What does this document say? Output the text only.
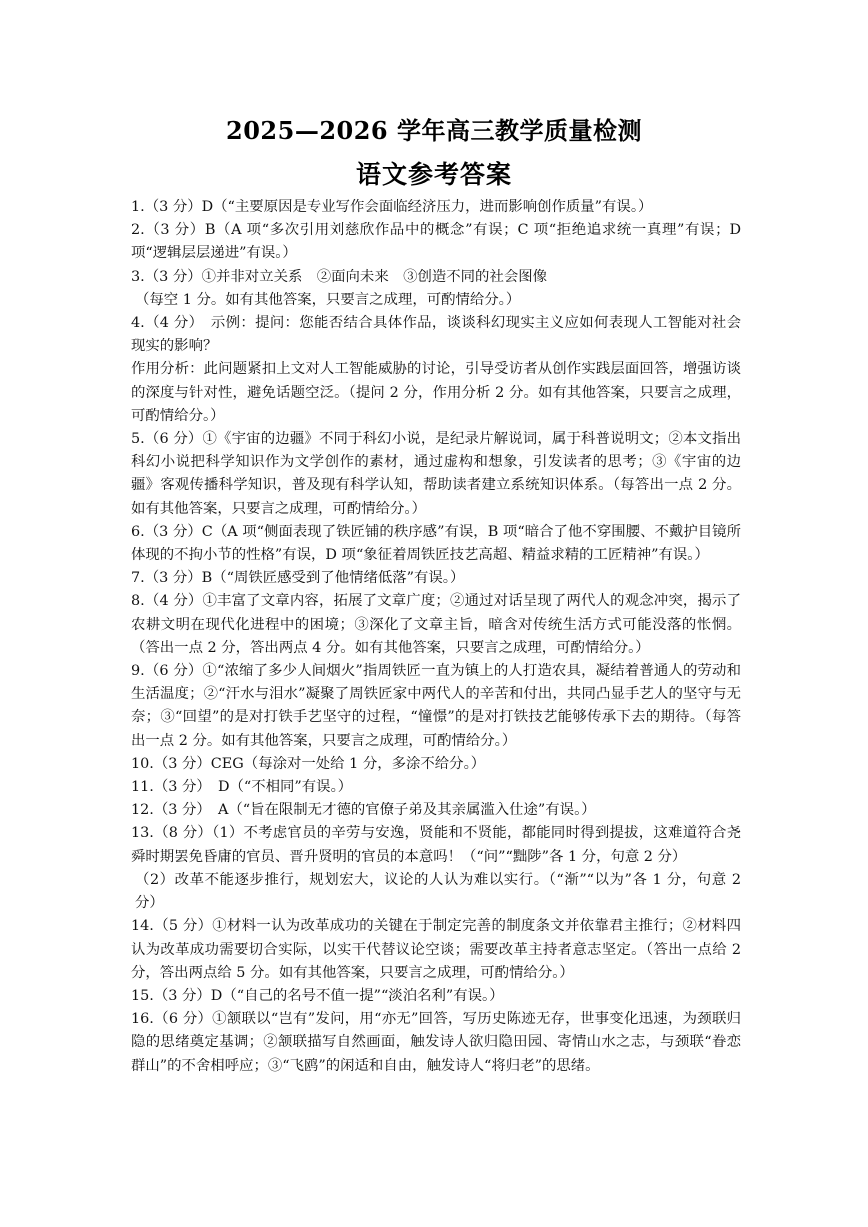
2025—2026 学年高三教学质量检测
语文参考答案

1.（3 分）D（“主要原因是专业写作会面临经济压力，进而影响创作质量”有误。）

2.（3 分）B（A 项“多次引用刘慈欣作品中的概念”有误；C 项“拒绝追求统一真理”有误；D 项“逻辑层层递进”有误。）

3.（3 分）①并非对立关系　②面向未来　③创造不同的社会图像

（每空 1 分。如有其他答案，只要言之成理，可酌情给分。）

4.（4 分）　示例：提问：您能否结合具体作品，谈谈科幻现实主义应如何表现人工智能对社会现实的影响？

作用分析：此问题紧扣上文对人工智能威胁的讨论，引导受访者从创作实践层面回答，增强访谈的深度与针对性，避免话题空泛。（提问 2 分，作用分析 2 分。如有其他答案，只要言之成理，可酌情给分。）

5.（6 分）①《宇宙的边疆》不同于科幻小说，是纪录片解说词，属于科普说明文；②本文指出科幻小说把科学知识作为文学创作的素材，通过虚构和想象，引发读者的思考；③《宇宙的边疆》客观传播科学知识，普及现有科学认知，帮助读者建立系统知识体系。（每答出一点 2 分。如有其他答案，只要言之成理，可酌情给分。）

6.（3 分）C（A 项“侧面表现了铁匠铺的秩序感”有误，B 项“暗合了他不穿围腰、不戴护目镜所体现的不拘小节的性格”有误，D 项“象征着周铁匠技艺高超、精益求精的工匠精神”有误。）

7.（3 分）B（“周铁匠感受到了他情绪低落”有误。）

8.（4 分）①丰富了文章内容，拓展了文章广度；②通过对话呈现了两代人的观念冲突，揭示了农耕文明在现代化进程中的困境；③深化了文章主旨，暗含对传统生活方式可能没落的怅惘。（答出一点 2 分，答出两点 4 分。如有其他答案，只要言之成理，可酌情给分。）

9.（6 分）①“浓缩了多少人间烟火”指周铁匠一直为镇上的人打造农具，凝结着普通人的劳动和生活温度；②“汗水与泪水”凝聚了周铁匠家中两代人的辛苦和付出，共同凸显手艺人的坚守与无奈；③“回望”的是对打铁手艺坚守的过程，“憧憬”的是对打铁技艺能够传承下去的期待。（每答出一点 2 分。如有其他答案，只要言之成理，可酌情给分。）

10.（3 分）CEG（每涂对一处给 1 分，多涂不给分。）

11.（3 分）　D（“不相同”有误。）

12.（3 分）　A（“旨在限制无才德的官僚子弟及其亲属滥入仕途”有误。）

13.（8 分）（1）不考虑官员的辛劳与安逸，贤能和不贤能，都能同时得到提拔，这难道符合尧舜时期罢免昏庸的官员、晋升贤明的官员的本意吗！（“问”“黜陟”各 1 分，句意 2 分）

（2）改革不能逐步推行，规划宏大，议论的人认为难以实行。（“渐”“以为”各 1 分，句意 2 分）

14.（5 分）①材料一认为改革成功的关键在于制定完善的制度条文并依靠君主推行；②材料四认为改革成功需要切合实际，以实干代替议论空谈；需要改革主持者意志坚定。（答出一点给 2 分，答出两点给 5 分。如有其他答案，只要言之成理，可酌情给分。）

15.（3 分）D（“自己的名号不值一提”“淡泊名利”有误。）

16.（6 分）①颔联以“岂有”发问，用“亦无”回答，写历史陈迹无存，世事变化迅速，为颈联归隐的思绪奠定基调；②颔联描写自然画面，触发诗人欲归隐田园、寄情山水之志，与颈联“眷恋群山”的不舍相呼应；③“飞鸥”的闲适和自由，触发诗人“将归老”的思绪。
